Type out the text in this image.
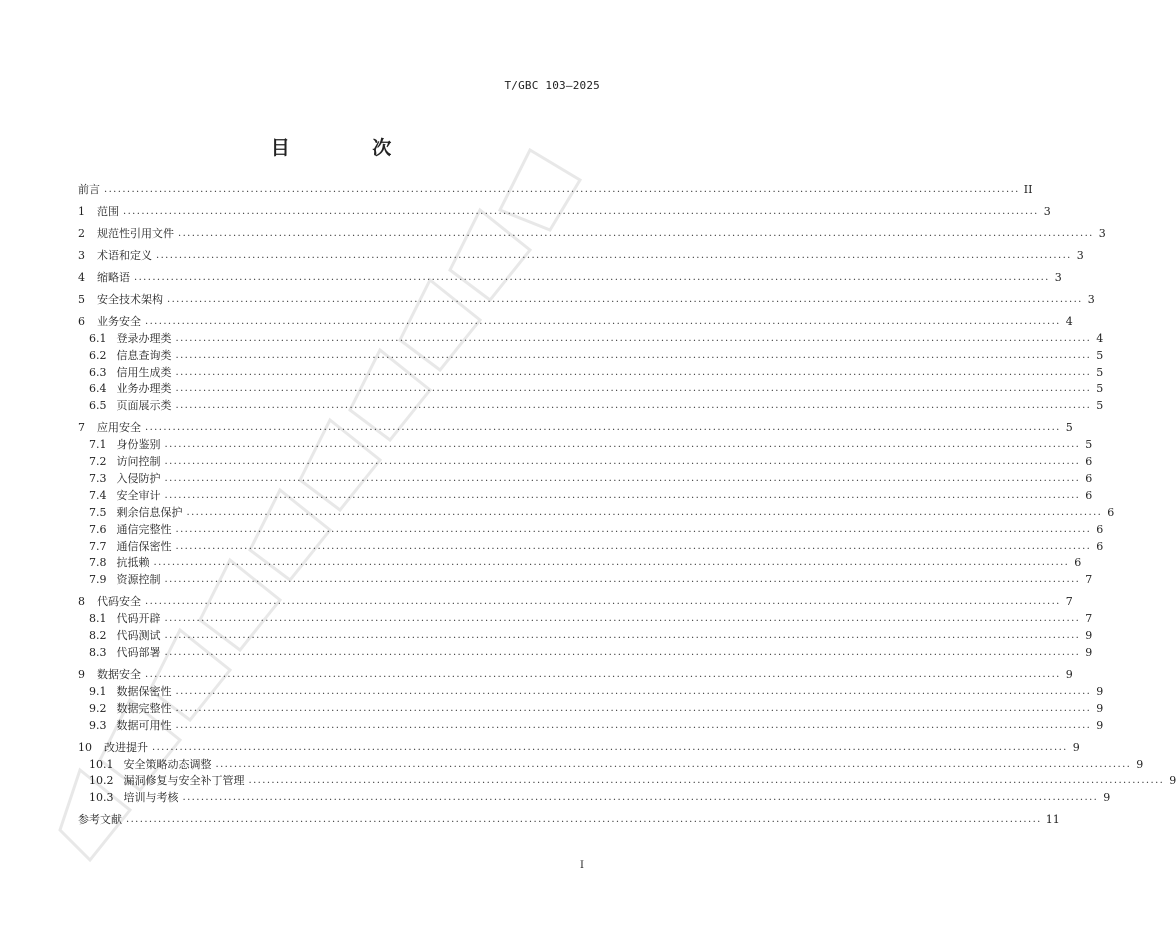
T/GBC 103—2025
目 次
前言 ........................................................................................................................................................................................................ II
1 范围 ........................................................................................................................................................................................................ 3
2 规范性引用文件 ........................................................................................................................................................................................................ 3
3 术语和定义 ........................................................................................................................................................................................................ 3
4 缩略语 ........................................................................................................................................................................................................ 3
5 安全技术架构 ........................................................................................................................................................................................................ 3
6 业务安全 ........................................................................................................................................................................................................ 4
6.1 登录办理类 ........................................................................................................................................................................................................ 4
6.2 信息查询类 ........................................................................................................................................................................................................ 5
6.3 信用生成类 ........................................................................................................................................................................................................ 5
6.4 业务办理类 ........................................................................................................................................................................................................ 5
6.5 页面展示类 ........................................................................................................................................................................................................ 5
7 应用安全 ........................................................................................................................................................................................................ 5
7.1 身份鉴别 ........................................................................................................................................................................................................ 5
7.2 访问控制 ........................................................................................................................................................................................................ 6
7.3 入侵防护 ........................................................................................................................................................................................................ 6
7.4 安全审计 ........................................................................................................................................................................................................ 6
7.5 剩余信息保护 ........................................................................................................................................................................................................ 6
7.6 通信完整性 ........................................................................................................................................................................................................ 6
7.7 通信保密性 ........................................................................................................................................................................................................ 6
7.8 抗抵赖 ........................................................................................................................................................................................................ 6
7.9 资源控制 ........................................................................................................................................................................................................ 7
8 代码安全 ........................................................................................................................................................................................................ 7
8.1 代码开辟 ........................................................................................................................................................................................................ 7
8.2 代码测试 ........................................................................................................................................................................................................ 9
8.3 代码部署 ........................................................................................................................................................................................................ 9
9 数据安全 ........................................................................................................................................................................................................ 9
9.1 数据保密性 ........................................................................................................................................................................................................ 9
9.2 数据完整性 ........................................................................................................................................................................................................ 9
9.3 数据可用性 ........................................................................................................................................................................................................ 9
10 改进提升 ........................................................................................................................................................................................................ 9
10.1 安全策略动态调整 ........................................................................................................................................................................................................ 9
10.2 漏洞修复与安全补丁管理 ........................................................................................................................................................................................................ 9
10.3 培训与考核 ........................................................................................................................................................................................................ 9
参考文献 ........................................................................................................................................................................................................ 11
I
